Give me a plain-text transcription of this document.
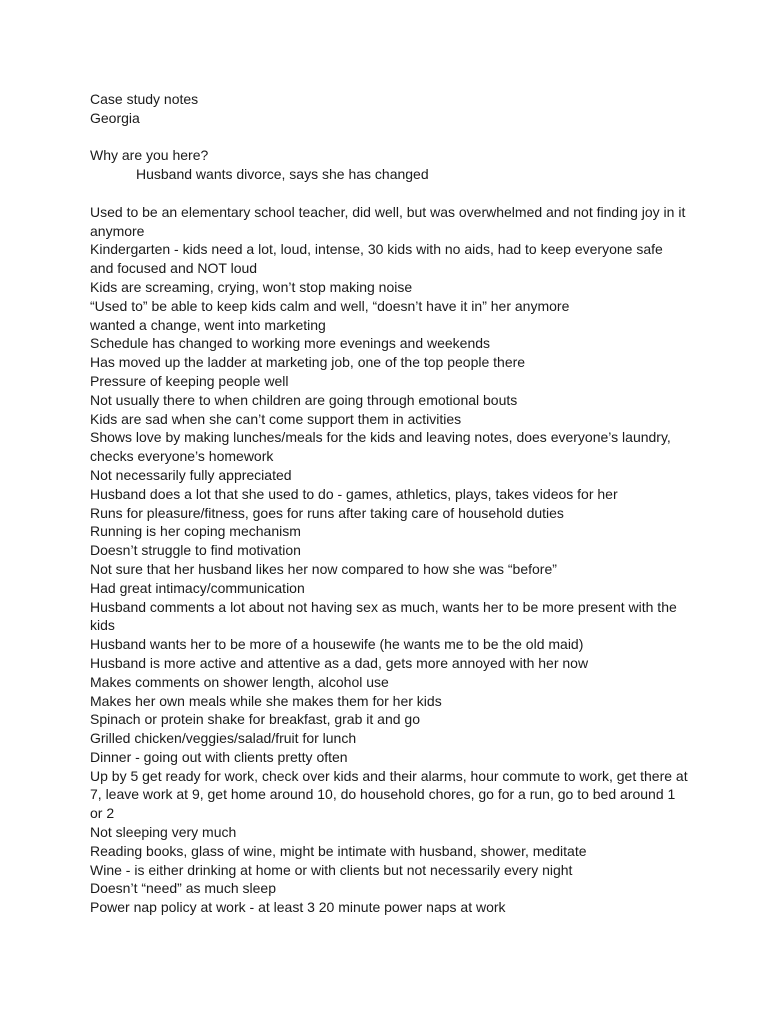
Case study notes

Georgia

Why are you here?

Husband wants divorce, says she has changed

Used to be an elementary school teacher, did well, but was overwhelmed and not finding joy in it anymore

Kindergarten - kids need a lot, loud, intense, 30 kids with no aids, had to keep everyone safe and focused and NOT loud

Kids are screaming, crying, won’t stop making noise

“Used to” be able to keep kids calm and well, “doesn’t have it in” her anymore

wanted a change, went into marketing

Schedule has changed to working more evenings and weekends

Has moved up the ladder at marketing job, one of the top people there

Pressure of keeping people well

Not usually there to when children are going through emotional bouts

Kids are sad when she can’t come support them in activities

Shows love by making lunches/meals for the kids and leaving notes, does everyone’s laundry, checks everyone’s homework

Not necessarily fully appreciated

Husband does a lot that she used to do - games, athletics, plays, takes videos for her

Runs for pleasure/fitness, goes for runs after taking care of household duties

Running is her coping mechanism

Doesn’t struggle to find motivation

Not sure that her husband likes her now compared to how she was “before”

Had great intimacy/communication

Husband comments a lot about not having sex as much, wants her to be more present with the kids

Husband wants her to be more of a housewife (he wants me to be the old maid)

Husband is more active and attentive as a dad, gets more annoyed with her now

Makes comments on shower length, alcohol use

Makes her own meals while she makes them for her kids

Spinach or protein shake for breakfast, grab it and go

Grilled chicken/veggies/salad/fruit for lunch

Dinner - going out with clients pretty often

Up by 5 get ready for work, check over kids and their alarms, hour commute to work, get there at 7, leave work at 9, get home around 10, do household chores, go for a run, go to bed around 1 or 2

Not sleeping very much

Reading books, glass of wine, might be intimate with husband, shower, meditate

Wine - is either drinking at home or with clients but not necessarily every night

Doesn’t “need” as much sleep

Power nap policy at work - at least 3 20 minute power naps at work
